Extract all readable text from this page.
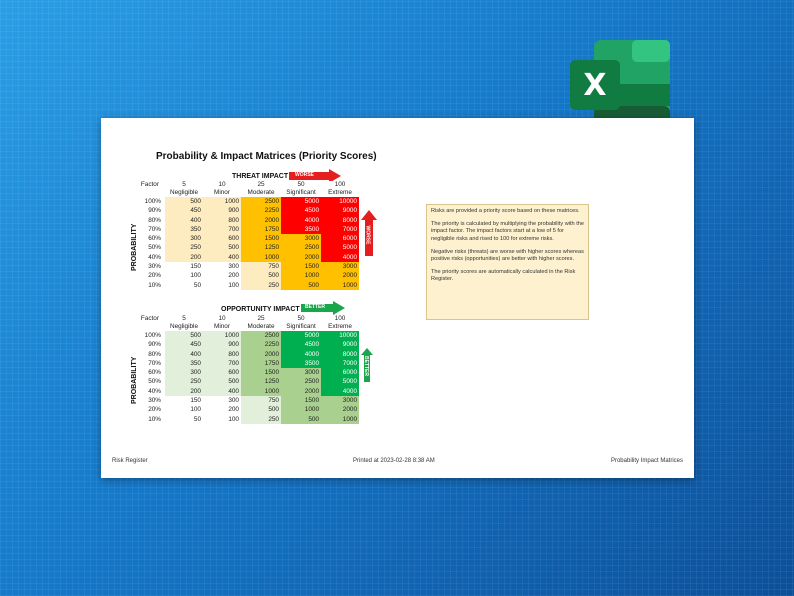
X
Probability & Impact Matrices (Priority Scores)
THREAT IMPACT WORSE
Factor	5	10	25	50	100
	Negligible	Minor	Moderate	Significant	Extreme
100%	500	1000	2500	5000	10000
90%	450	900	2250	4500	9000
80%	400	800	2000	4000	8000
70%	350	700	1750	3500	7000
60%	300	600	1500	3000	6000
50%	250	500	1250	2500	5000
40%	200	400	1000	2000	4000
30%	150	300	750	1500	3000
20%	100	200	500	1000	2000
10%	50	100	250	500	1000
PROBABILITY	WORSE
OPPORTUNITY IMPACT BETTER
Factor	5	10	25	50	100
	Negligible	Minor	Moderate	Significant	Extreme
100%	500	1000	2500	5000	10000
90%	450	900	2250	4500	9000
80%	400	800	2000	4000	8000
70%	350	700	1750	3500	7000
60%	300	600	1500	3000	6000
50%	250	500	1250	2500	5000
40%	200	400	1000	2000	4000
30%	150	300	750	1500	3000
20%	100	200	500	1000	2000
10%	50	100	250	500	1000
PROBABILITY	BETTER

Risks are provided a priority score based on these matrices.

The priority is calculated by multiplying the probability with the impact factor. The impact factors start at a low of 5 for negligible risks and rised to 100 for extreme risks.

Negative risks (threats) are worse with higher scores whereas positive risks (opportunities) are better with higher scores.

The priority scores are automatically calculated in the Risk Register.

Risk Register	Printed at 2023-02-28 8:38 AM	Probability Impact Matrices
